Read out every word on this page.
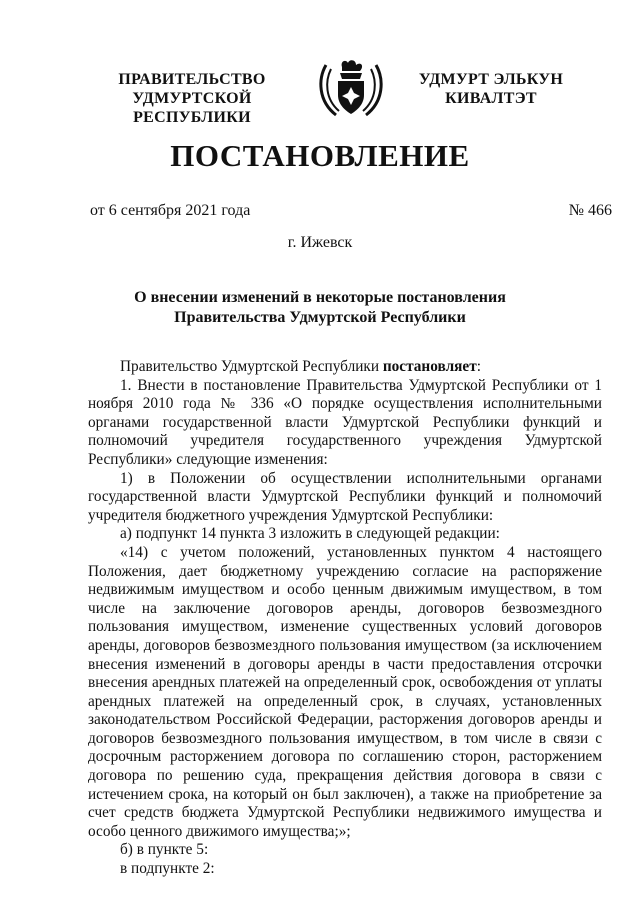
ПРАВИТЕЛЬСТВО
УДМУРТСКОЙ РЕСПУБЛИКИ
УДМУРТ ЭЛЬКУН
КИВАЛТЭТ
ПОСТАНОВЛЕНИЕ
от 6 сентября 2021 года	№ 466
г. Ижевск
О внесении изменений в некоторые постановления
Правительства Удмуртской Республики

Правительство Удмуртской Республики постановляет:

1. Внести в постановление Правительства Удмуртской Республики от 1 ноября 2010 года № 336 «О порядке осуществления исполнительными органами государственной власти Удмуртской Республики функций и полномочий учредителя государственного учреждения Удмуртской Республики» следующие изменения:

1) в Положении об осуществлении исполнительными органами государственной власти Удмуртской Республики функций и полномочий учредителя бюджетного учреждения Удмуртской Республики:

а) подпункт 14 пункта 3 изложить в следующей редакции:

«14) с учетом положений, установленных пунктом 4 настоящего Положения, дает бюджетному учреждению согласие на распоряжение недвижимым имуществом и особо ценным движимым имуществом, в том числе на заключение договоров аренды, договоров безвозмездного пользования имуществом, изменение существенных условий договоров аренды, договоров безвозмездного пользования имуществом (за исключением внесения изменений в договоры аренды в части предоставления отсрочки внесения арендных платежей на определенный срок, освобождения от уплаты арендных платежей на определенный срок, в случаях, установленных законодательством Российской Федерации, расторжения договоров аренды и договоров безвозмездного пользования имуществом, в том числе в связи с досрочным расторжением договора по соглашению сторон, расторжением договора по решению суда, прекращения действия договора в связи с истечением срока, на который он был заключен), а также на приобретение за счет средств бюджета Удмуртской Республики недвижимого имущества и особо ценного движимого имущества;»;

б) в пункте 5:

в подпункте 2:
